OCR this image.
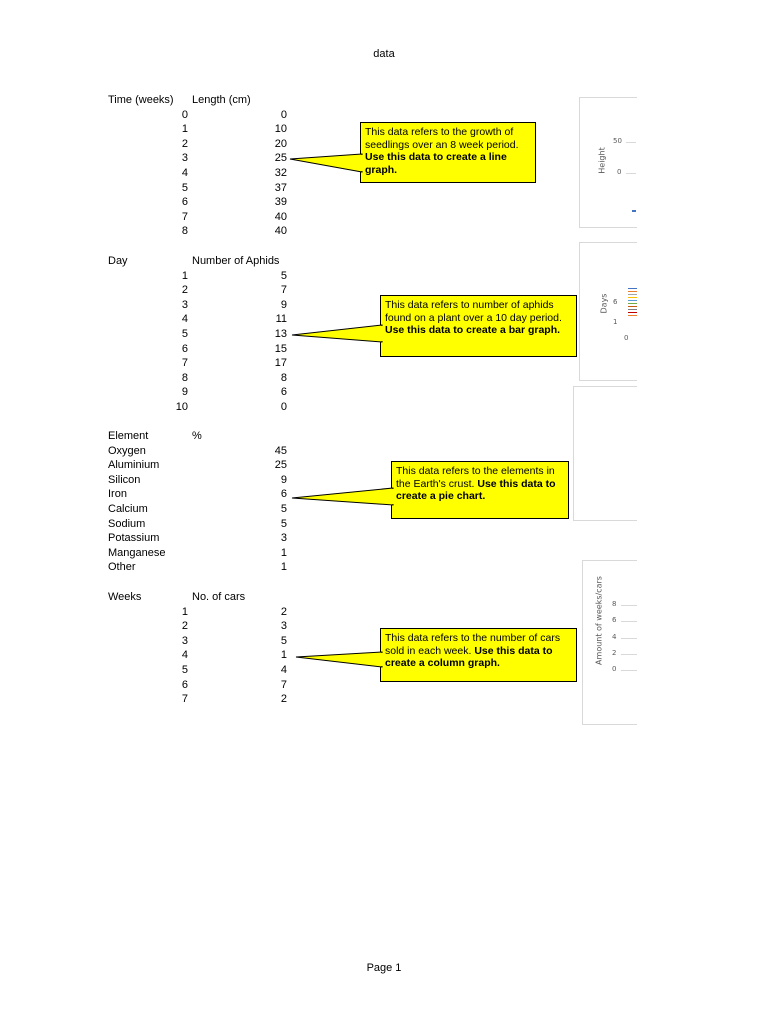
data
Time (weeks) Length (cm)
0	0
1	10
2	20
3	25
4	32
5	37
6	39
7	40
8	40
This data refers to the growth of seedlings over an 8 week period. Use this data to create a line graph.
Day	Number of Aphids
1	5
2	7
3	9
4	11
5	13
6	15
7	17
8	8
9	6
10	0
This data refers to number of aphids found on a plant over a 10 day period. Use this data to create a bar graph.
Element	%
Oxygen	45
Aluminium	25
Silicon	9
Iron	6
Calcium	5
Sodium	5
Potassium	3
Manganese	1
Other	1
This data refers to the elements in the Earth's crust. Use this data to create a pie chart.
Weeks	No. of cars
1	2
2	3
3	5
4	1
5	4
6	7
7	2
This data refers to the number of cars sold in each week. Use this data to create a column graph.
Height
50
0
Days 6
1
0
Amount of weeks/cars 8
6
4
2
0
Page 1
